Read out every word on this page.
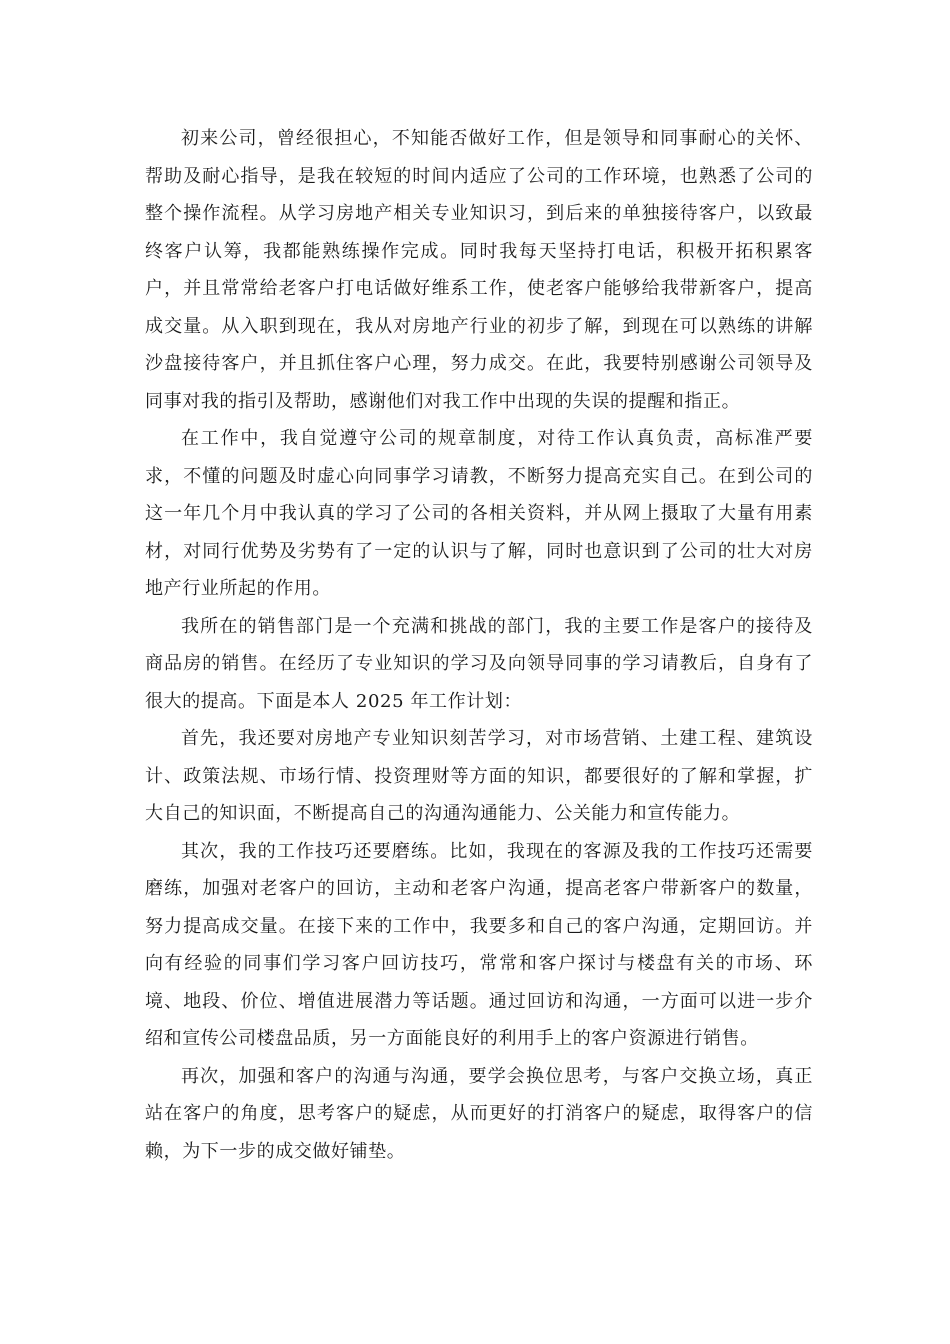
初来公司，曾经很担心，不知能否做好工作，但是领导和同事耐心的关怀、帮助及耐心指导，是我在较短的时间内适应了公司的工作环境，也熟悉了公司的整个操作流程。从学习房地产相关专业知识习，到后来的单独接待客户，以致最终客户认筹，我都能熟练操作完成。同时我每天坚持打电话，积极开拓积累客户，并且常常给老客户打电话做好维系工作，使老客户能够给我带新客户，提高成交量。从入职到现在，我从对房地产行业的初步了解，到现在可以熟练的讲解沙盘接待客户，并且抓住客户心理，努力成交。在此，我要特别感谢公司领导及同事对我的指引及帮助，感谢他们对我工作中出现的失误的提醒和指正。

在工作中，我自觉遵守公司的规章制度，对待工作认真负责，高标准严要求，不懂的问题及时虚心向同事学习请教，不断努力提高充实自己。在到公司的这一年几个月中我认真的学习了公司的各相关资料，并从网上摄取了大量有用素材，对同行优势及劣势有了一定的认识与了解，同时也意识到了公司的壮大对房地产行业所起的作用。

我所在的销售部门是一个充满和挑战的部门，我的主要工作是客户的接待及商品房的销售。在经历了专业知识的学习及向领导同事的学习请教后，自身有了很大的提高。下面是本人 2025 年工作计划：

首先，我还要对房地产专业知识刻苦学习，对市场营销、土建工程、建筑设计、政策法规、市场行情、投资理财等方面的知识，都要很好的了解和掌握，扩大自己的知识面，不断提高自己的沟通沟通能力、公关能力和宣传能力。

其次，我的工作技巧还要磨练。比如，我现在的客源及我的工作技巧还需要磨练，加强对老客户的回访，主动和老客户沟通，提高老客户带新客户的数量，努力提高成交量。在接下来的工作中，我要多和自己的客户沟通，定期回访。并向有经验的同事们学习客户回访技巧，常常和客户探讨与楼盘有关的市场、环境、地段、价位、增值进展潜力等话题。通过回访和沟通，一方面可以进一步介绍和宣传公司楼盘品质，另一方面能良好的利用手上的客户资源进行销售。

再次，加强和客户的沟通与沟通，要学会换位思考，与客户交换立场，真正站在客户的角度，思考客户的疑虑，从而更好的打消客户的疑虑，取得客户的信赖，为下一步的成交做好铺垫。
